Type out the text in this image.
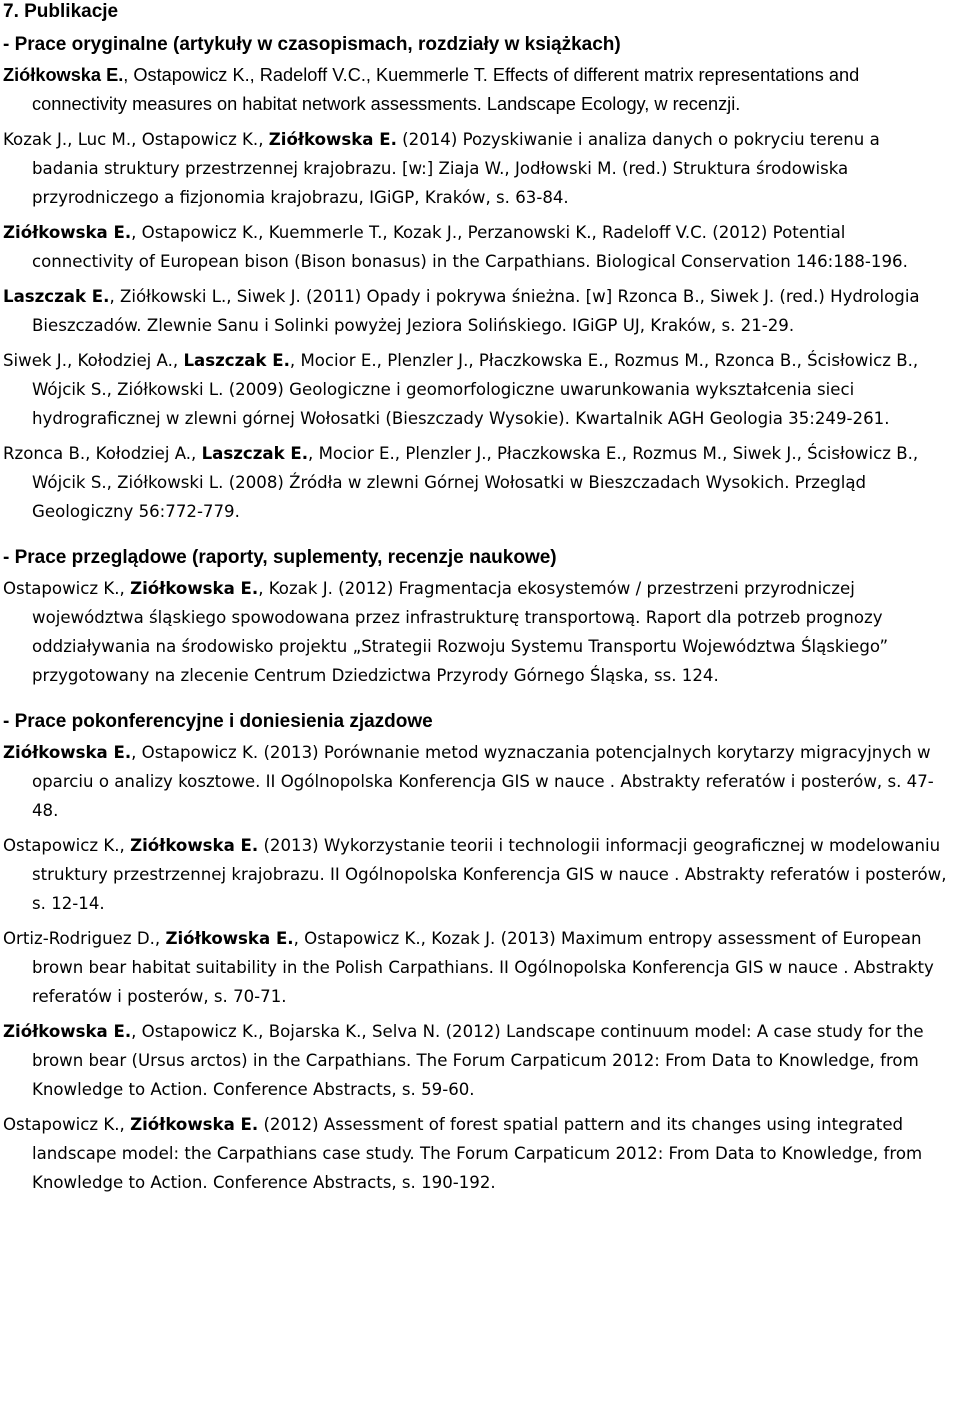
7. Publikacje
- Prace oryginalne (artykuły w czasopismach, rozdziały w książkach)
Ziółkowska E., Ostapowicz K., Radeloff V.C., Kuemmerle T. Effects of different matrix representations and connectivity measures on habitat network assessments. Landscape Ecology, w recenzji.
Kozak J., Luc M., Ostapowicz K., Ziółkowska E. (2014) Pozyskiwanie i analiza danych o pokryciu terenu a badania struktury przestrzennej krajobrazu. [w:] Ziaja W., Jodłowski M. (red.) Struktura środowiska przyrodniczego a fizjonomia krajobrazu, IGiGP, Kraków, s. 63-84.
Ziółkowska E., Ostapowicz K., Kuemmerle T., Kozak J., Perzanowski K., Radeloff V.C. (2012) Potential connectivity of European bison (Bison bonasus) in the Carpathians. Biological Conservation 146:188-196.
Laszczak E., Ziółkowski L., Siwek J. (2011) Opady i pokrywa śnieżna. [w] Rzonca B., Siwek J. (red.) Hydrologia Bieszczadów. Zlewnie Sanu i Solinki powyżej Jeziora Solińskiego. IGiGP UJ, Kraków, s. 21-29.
Siwek J., Kołodziej A., Laszczak E., Mocior E., Plenzler J., Płaczkowska E., Rozmus M., Rzonca B., Ścisłowicz B., Wójcik S., Ziółkowski L. (2009) Geologiczne i geomorfologiczne uwarunkowania wykształcenia sieci hydrograficznej w zlewni górnej Wołosatki (Bieszczady Wysokie). Kwartalnik AGH Geologia 35:249-261.
Rzonca B., Kołodziej A., Laszczak E., Mocior E., Plenzler J., Płaczkowska E., Rozmus M., Siwek J., Ścisłowicz B., Wójcik S., Ziółkowski L. (2008) Źródła w zlewni Górnej Wołosatki w Bieszczadach Wysokich. Przegląd Geologiczny 56:772-779.
- Prace przeglądowe (raporty, suplementy, recenzje naukowe)
Ostapowicz K., Ziółkowska E., Kozak J. (2012) Fragmentacja ekosystemów / przestrzeni przyrodniczej województwa śląskiego spowodowana przez infrastrukturę transportową. Raport dla potrzeb prognozy oddziaływania na środowisko projektu „Strategii Rozwoju Systemu Transportu Województwa Śląskiego” przygotowany na zlecenie Centrum Dziedzictwa Przyrody Górnego Śląska, ss. 124.
- Prace pokonferencyjne i doniesienia zjazdowe
Ziółkowska E., Ostapowicz K. (2013) Porównanie metod wyznaczania potencjalnych korytarzy migracyjnych w oparciu o analizy kosztowe. II Ogólnopolska Konferencja GIS w nauce . Abstrakty referatów i posterów, s. 47-48.
Ostapowicz K., Ziółkowska E. (2013) Wykorzystanie teorii i technologii informacji geograficznej w modelowaniu struktury przestrzennej krajobrazu. II Ogólnopolska Konferencja GIS w nauce . Abstrakty referatów i posterów, s. 12-14.
Ortiz-Rodriguez D., Ziółkowska E., Ostapowicz K., Kozak J. (2013) Maximum entropy assessment of European brown bear habitat suitability in the Polish Carpathians. II Ogólnopolska Konferencja GIS w nauce . Abstrakty referatów i posterów, s. 70-71.
Ziółkowska E., Ostapowicz K., Bojarska K., Selva N. (2012) Landscape continuum model: A case study for the brown bear (Ursus arctos) in the Carpathians. The Forum Carpaticum 2012: From Data to Knowledge, from Knowledge to Action. Conference Abstracts, s. 59-60.
Ostapowicz K., Ziółkowska E. (2012) Assessment of forest spatial pattern and its changes using integrated landscape model: the Carpathians case study. The Forum Carpaticum 2012: From Data to Knowledge, from Knowledge to Action. Conference Abstracts, s. 190-192.
